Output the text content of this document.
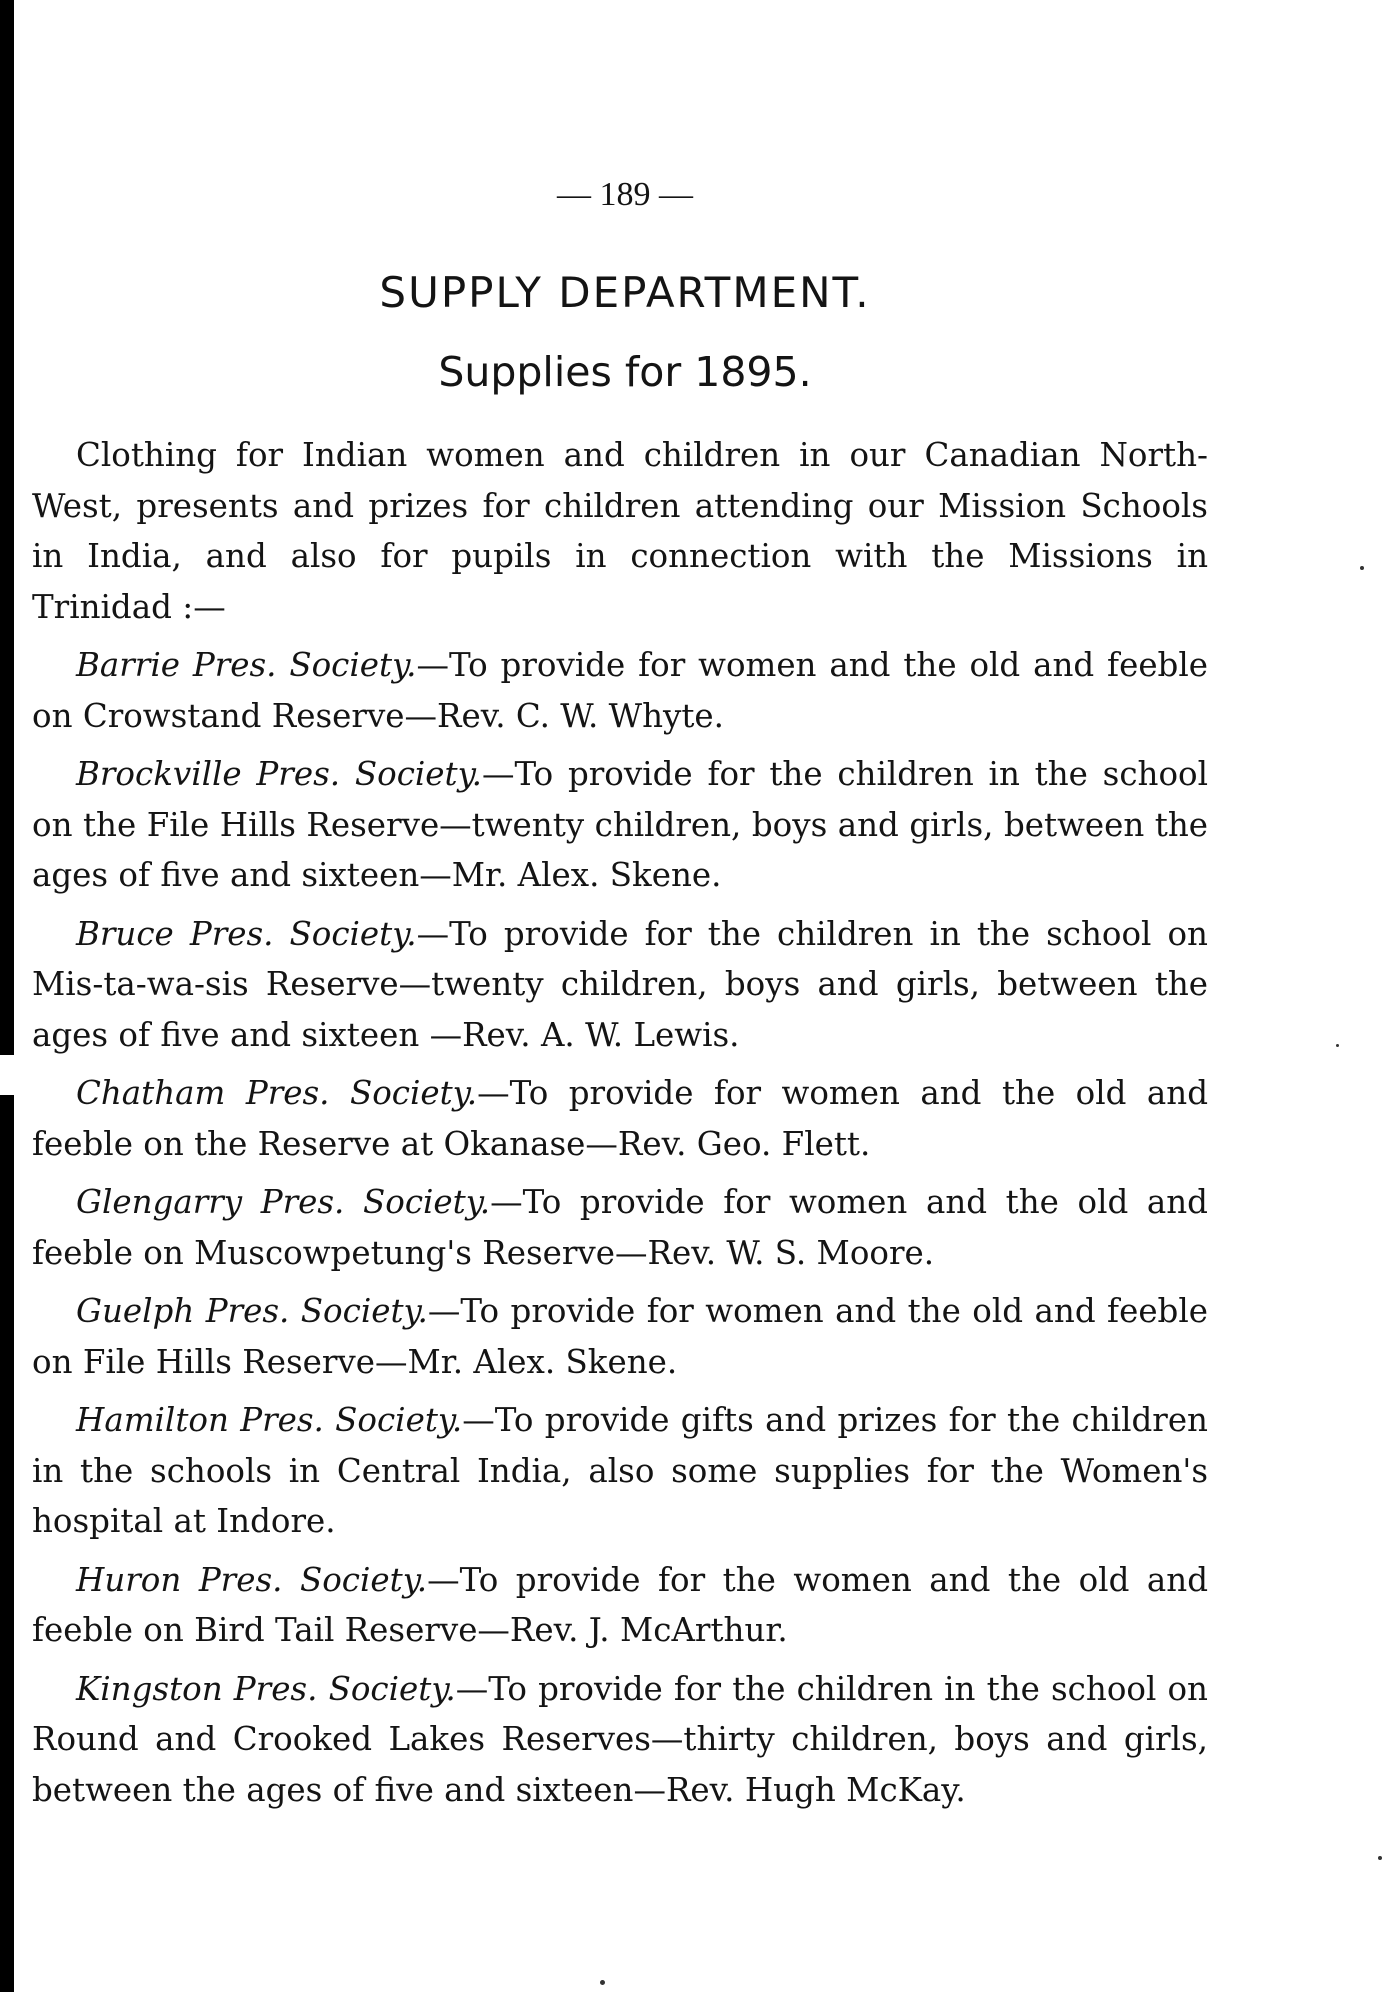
— 189 —
SUPPLY DEPARTMENT.
Supplies for 1895.

Clothing for Indian women and children in our Canadian North-West, presents and prizes for children attending our Mission Schools in India, and also for pupils in connection with the Missions in Trinidad :—

Barrie Pres. Society.—To provide for women and the old and feeble on Crowstand Reserve—Rev. C. W. Whyte.

Brockville Pres. Society.—To provide for the children in the school on the File Hills Reserve—twenty children, boys and girls, between the ages of five and sixteen—Mr. Alex. Skene.

Bruce Pres. Society.—To provide for the children in the school on Mis-ta-wa-sis Reserve—twenty children, boys and girls, between the ages of five and sixteen —Rev. A. W. Lewis.

Chatham Pres. Society.—To provide for women and the old and feeble on the Reserve at Okanase—Rev. Geo. Flett.

Glengarry Pres. Society.—To provide for women and the old and feeble on Muscowpetung's Reserve—Rev. W. S. Moore.

Guelph Pres. Society.—To provide for women and the old and feeble on File Hills Reserve—Mr. Alex. Skene.

Hamilton Pres. Society.—To provide gifts and prizes for the children in the schools in Central India, also some supplies for the Women's hospital at Indore.

Huron Pres. Society.—To provide for the women and the old and feeble on Bird Tail Reserve—Rev. J. McArthur.

Kingston Pres. Society.—To provide for the children in the school on Round and Crooked Lakes Reserves—thirty children, boys and girls, between the ages of five and sixteen—Rev. Hugh McKay.
